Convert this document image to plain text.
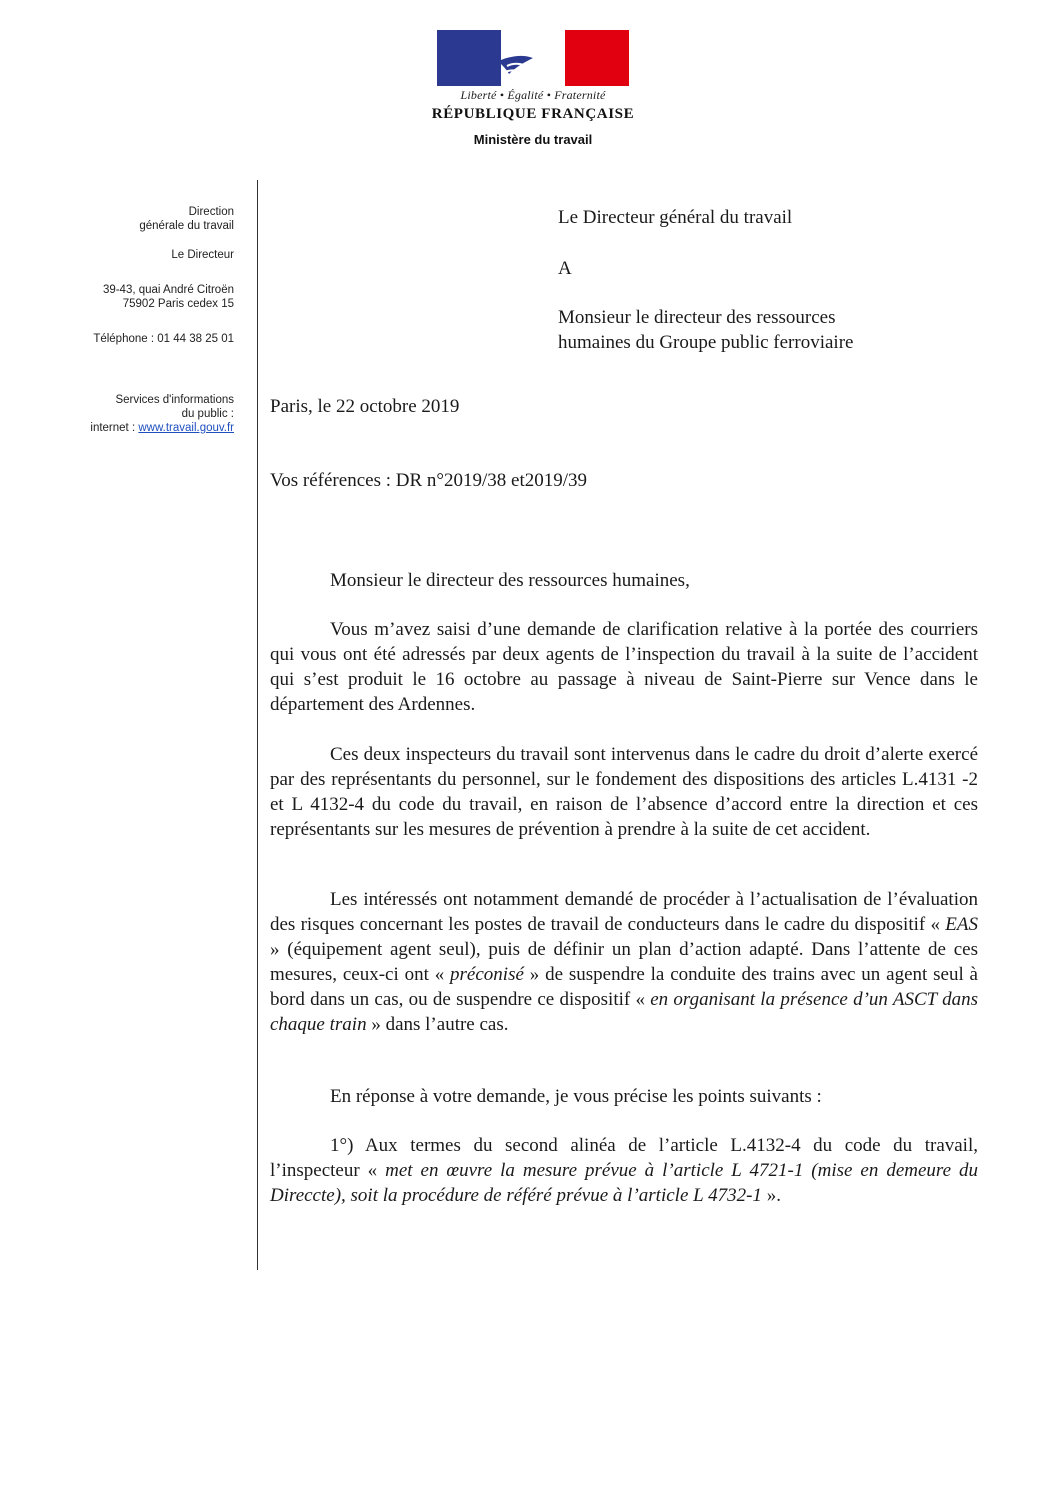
Liberté • Égalité • Fraternité
RÉPUBLIQUE FRANÇAISE
Ministère du travail
Direction
générale du travail
Le Directeur
39-43, quai André Citroën
75902 Paris cedex 15
Téléphone : 01 44 38 25 01
Services d'informations
du public :
internet : www.travail.gouv.fr
Le Directeur général du travail
A
Monsieur le directeur des ressources
humaines du Groupe public ferroviaire
Paris, le 22 octobre 2019
Vos références : DR n°2019/38 et2019/39

Monsieur le directeur des ressources humaines,

Vous m’avez saisi d’une demande de clarification relative à la portée des courriers qui vous ont été adressés par deux agents de l’inspection du travail à la suite de l’accident qui s’est produit le 16 octobre au passage à niveau de Saint-Pierre sur Vence dans le département des Ardennes.

Ces deux inspecteurs du travail sont intervenus dans le cadre du droit d’alerte exercé par des représentants du personnel, sur le fondement des dispositions des articles L.4131 -2 et L 4132-4 du code du travail, en raison de l’absence d’accord entre la direction et ces représentants sur les mesures de prévention à prendre à la suite de cet accident.

Les intéressés ont notamment demandé de procéder à l’actualisation de l’évaluation des risques concernant les postes de travail de conducteurs dans le cadre du dispositif « EAS » (équipement agent seul), puis de définir un plan d’action adapté. Dans l’attente de ces mesures, ceux-ci ont « préconisé » de suspendre la conduite des trains avec un agent seul à bord dans un cas, ou de suspendre ce dispositif « en organisant la présence d’un ASCT dans chaque train » dans l’autre cas.

En réponse à votre demande, je vous précise les points suivants :

1°) Aux termes du second alinéa de l’article L.4132-4 du code du travail, l’inspecteur « met en œuvre la mesure prévue à l’article L 4721-1 (mise en demeure du Direccte), soit la procédure de référé prévue à l’article L 4732-1 ».
